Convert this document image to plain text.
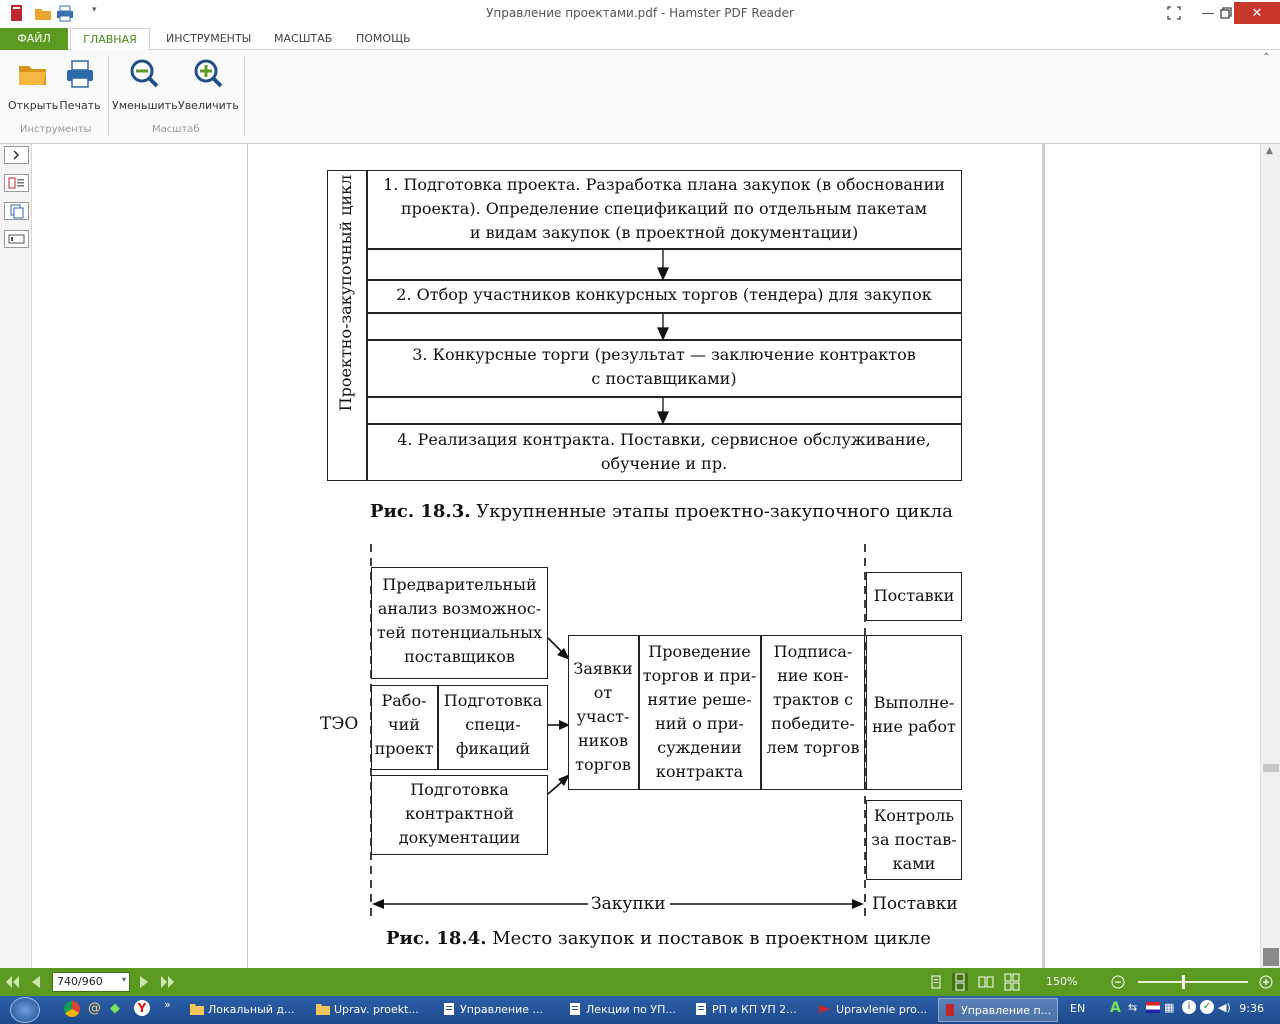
▾	Управление проектами.pdf - Hamster PDF Reader	—	✕
ФАЙЛ	ГЛАВНАЯ	ИНСТРУМЕНТЫ	МАСШТАБ	ПОМОЩЬ
Открыть Печать Уменьшить Увеличить
Инструменты	Масштаб
⌃
Проектно-закупочный цикл	1. Подготовка проекта. Разработка плана закупок (в обосновании
проекта). Определение спецификаций по отдельным пакетам
и видам закупок (в проектной документации)
2. Отбор участников конкурсных торгов (тендера) для закупок
3. Конкурсные торги (результат — заключение контрактов
с поставщиками)
4. Реализация контракта. Поставки, сервисное обслуживание,
обучение и пр.
Рис. 18.3. Укрупненные этапы проектно-закупочного цикла
Предварительный
анализ возможнос-
тей потенциальных
поставщиков
Рабо-
чий
проект
Подготовка
специ-
фикаций
Подготовка
контрактной
документации
ТЭО
Заявки
от
участ-
ников
торгов
Проведение
торгов и при-
нятие реше-
ний о при-
суждении
контракта
Подписа-
ние кон-
трактов с
победите-
лем торгов
Поставки
Выполне-
ние работ
Контроль
за постав-
ками
Закупки	Поставки
Рис. 18.4. Место закупок и поставок в проектном цикле
▲
740/960 ▾	150%
@ ◆	Y	»	Локальный д...	Uprav. proekt...	Управление ...	Лекции по УП...	РП и КП УП 2...	Upravlenie pro...	Управление п...	EN A ⇆ ▦	i	✓ ◀) 9:36
